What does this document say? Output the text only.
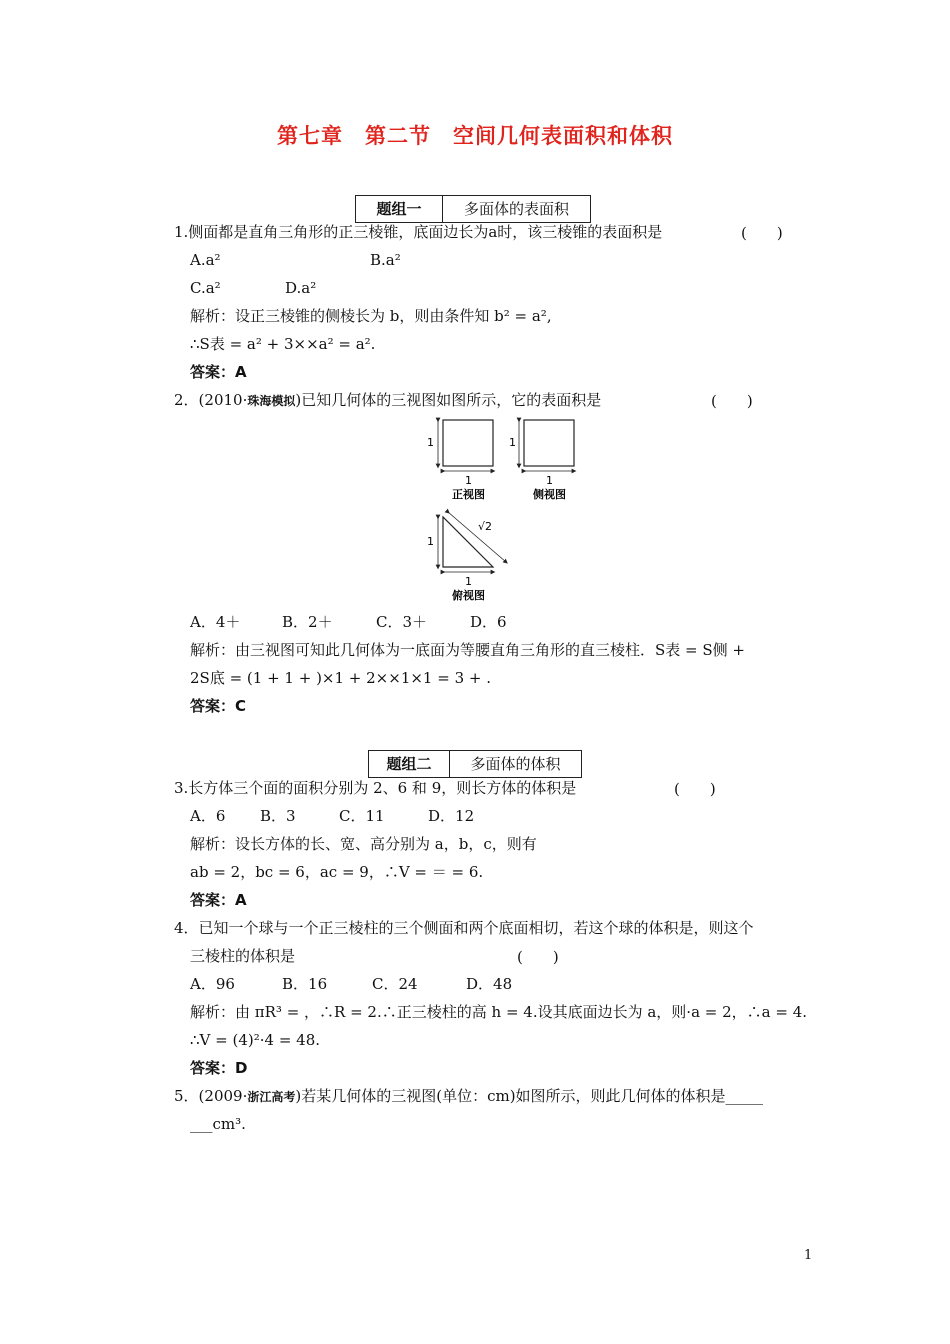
第七章　第二节　空间几何表面积和体积
题组一	多面体的表面积
1.侧面都是直角三角形的正三棱锥，底面边长为a时，该三棱锥的表面积是	(　　)
A.a²	B.a²
C.a²	D.a²
解析：设正三棱锥的侧棱长为 b，则由条件知 b² = a²,
∴S表 = a² + 3××a² = a².
答案：A
2．(2010·珠海模拟)已知几何体的三视图如图所示，它的表面积是	(　　)
1
1
正视图
1
1
侧视图
√2
1
1
俯视图
A．4＋	B．2＋	C．3＋	D．6
解析：由三视图可知此几何体为一底面为等腰直角三角形的直三棱柱．S表 = S侧 +
2S底 = (1 + 1 + )×1 + 2××1×1 = 3 + .
答案：C
题组二	多面体的体积
3.长方体三个面的面积分别为 2、6 和 9，则长方体的体积是	(　　)
A．6 B．3	C．11	D．12
解析：设长方体的长、宽、高分别为 a，b，c，则有
ab = 2，bc = 6，ac = 9，∴V = ＝ = 6.
答案：A
4．已知一个球与一个正三棱柱的三个侧面和两个底面相切，若这个球的体积是，则这个
三棱柱的体积是	(　　)
A．96	B．16	C．24	D．48
解析：由 πR³ = ，∴R = 2.∴正三棱柱的高 h = 4.设其底面边长为 a，则·a = 2，∴a = 4.
∴V = (4)²·4 = 48.
答案：D
5．(2009·浙江高考)若某几何体的三视图(单位：cm)如图所示，则此几何体的体积是_____
___cm³.
1
